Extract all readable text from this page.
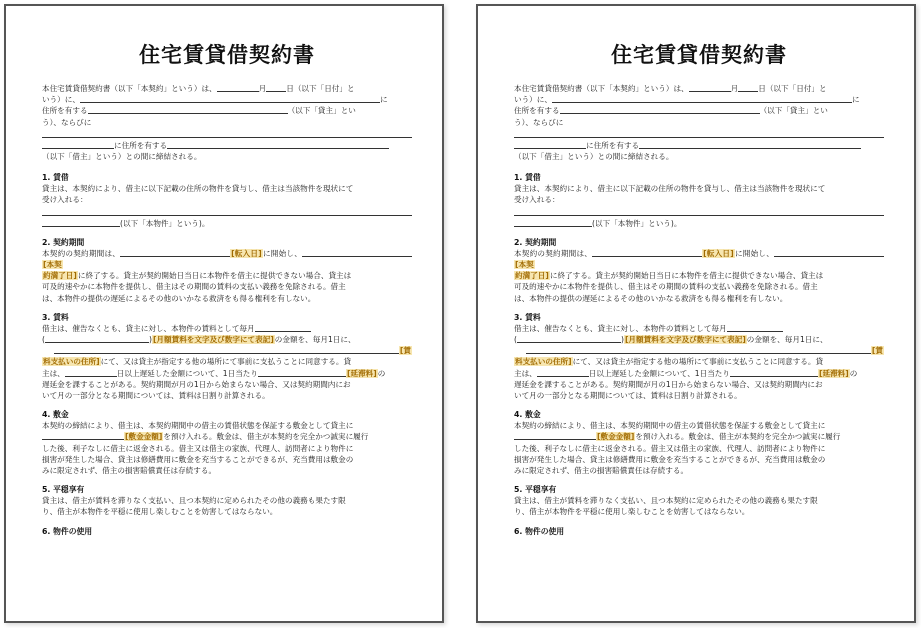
住宅賃貸借契約書

本住宅賃貸借契約書（以下「本契約」という）は、	月	日（以下「日付」と

いう）に、	に

住所を有する	（以下「貸主」とい

う）、ならびに

に住所を有する

（以下「借主」という）との間に締結される。

1. 賃借

貸主は、本契約により、借主に以下記載の住所の物件を貸与し、借主は当該物件を現状にて

受け入れる：

(以下「本物件」という)。

2. 契約期間

本契約の契約期間は、	[転入日]に開始し、[本契

約満了日]に終了する。貸主が契約開始日当日に本物件を借主に提供できない場合、貸主は

可及的速やかに本物件を提供し、借主はその期間の賃料の支払い義務を免除される。借主

は、本物件の提供の遅延によるその他のいかなる救済をも得る権利を有しない。

3. 賃料

借主は、催告なくとも、貸主に対し、本物件の賃料として毎月

(	)[月額賃料を文字及び数字にて表記]の金額を、毎月1日に、

[賃

料支払いの住所]にて、又は貸主が指定する他の場所にて事前に支払うことに同意する。貸

主は、	日以上遅延した金額について、1日当たり	[延滞料]の

遅延金を課することがある。契約期間が月の1日から始まらない場合、又は契約期間内にお

いて月の一部分となる期間については、賃料は日割り計算される。

4. 敷金

本契約の締結により、借主は、本契約期間中の借主の賃借状態を保証する敷金として貸主に

[敷金金額]を預け入れる。敷金は、借主が本契約を完全かつ誠実に履行

した後、利子なしに借主に返金される。借主又は借主の家族、代理人、訪問者により物件に

損害が発生した場合、貸主は修繕費用に敷金を充当することができるが、充当費用は敷金の

みに限定されず、借主の損害賠償責任は存続する。

5. 平穏享有

貸主は、借主が賃料を滞りなく支払い、且つ本契約に定められたその他の義務も果たす限

り、借主が本物件を平穏に使用し楽しむことを妨害してはならない。

6. 物件の使用

住宅賃貸借契約書

本住宅賃貸借契約書（以下「本契約」という）は、	月	日（以下「日付」と

いう）に、	に

住所を有する	（以下「貸主」とい

う）、ならびに

に住所を有する

（以下「借主」という）との間に締結される。

1. 賃借

貸主は、本契約により、借主に以下記載の住所の物件を貸与し、借主は当該物件を現状にて

受け入れる：

(以下「本物件」という)。

2. 契約期間

本契約の契約期間は、	[転入日]に開始し、[本契

約満了日]に終了する。貸主が契約開始日当日に本物件を借主に提供できない場合、貸主は

可及的速やかに本物件を提供し、借主はその期間の賃料の支払い義務を免除される。借主

は、本物件の提供の遅延によるその他のいかなる救済をも得る権利を有しない。

3. 賃料

借主は、催告なくとも、貸主に対し、本物件の賃料として毎月

(	)[月額賃料を文字及び数字にて表記]の金額を、毎月1日に、

[賃

料支払いの住所]にて、又は貸主が指定する他の場所にて事前に支払うことに同意する。貸

主は、	日以上遅延した金額について、1日当たり	[延滞料]の

遅延金を課することがある。契約期間が月の1日から始まらない場合、又は契約期間内にお

いて月の一部分となる期間については、賃料は日割り計算される。

4. 敷金

本契約の締結により、借主は、本契約期間中の借主の賃借状態を保証する敷金として貸主に

[敷金金額]を預け入れる。敷金は、借主が本契約を完全かつ誠実に履行

した後、利子なしに借主に返金される。借主又は借主の家族、代理人、訪問者により物件に

損害が発生した場合、貸主は修繕費用に敷金を充当することができるが、充当費用は敷金の

みに限定されず、借主の損害賠償責任は存続する。

5. 平穏享有

貸主は、借主が賃料を滞りなく支払い、且つ本契約に定められたその他の義務も果たす限

り、借主が本物件を平穏に使用し楽しむことを妨害してはならない。

6. 物件の使用
